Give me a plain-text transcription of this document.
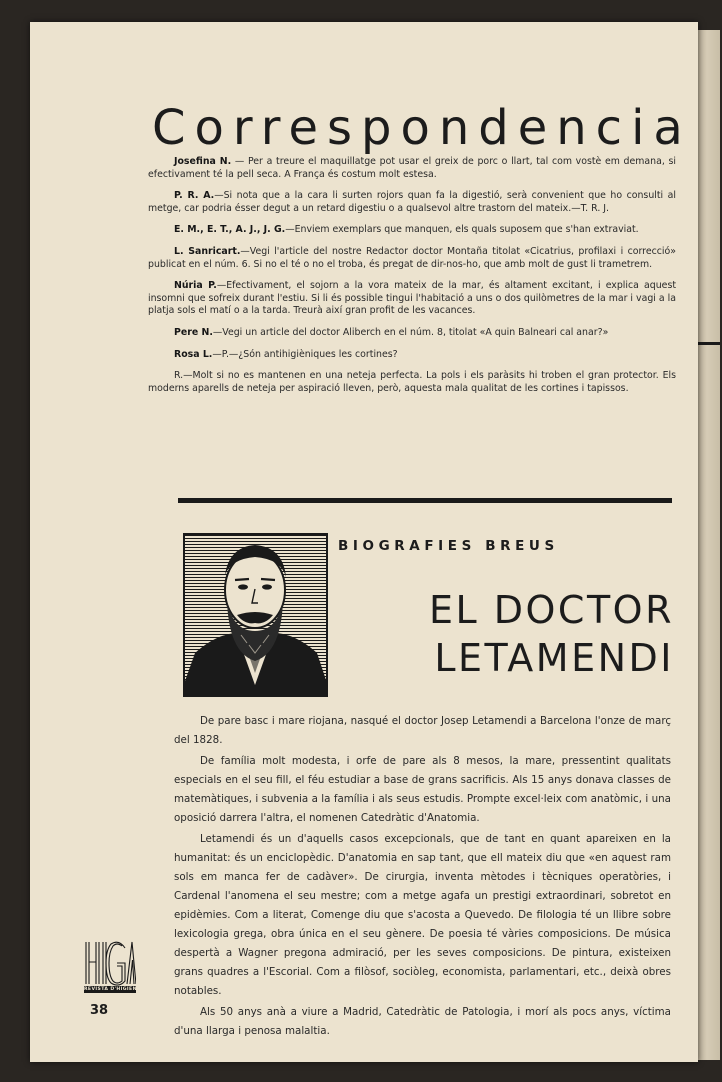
Correspondencia

Josefina N. — Per a treure el maquillatge pot usar el greix de porc o llart, tal com vostè em demana, si efectivament té la pell seca. A França és costum molt estesa.

P. R. A.—Si nota que a la cara li surten rojors quan fa la digestió, serà convenient que ho consulti al metge, car podria ésser degut a un retard digestiu o a qualsevol altre trastorn del mateix.—T. R. J.

E. M., E. T., A. J., J. G.—Enviem exemplars que manquen, els quals suposem que s'han extraviat.

L. Sanricart.—Vegi l'article del nostre Redactor doctor Montaña titolat «Cicatrius, profilaxi i correcció» publicat en el núm. 6. Si no el té o no el troba, és pregat de dir-nos-ho, que amb molt de gust li trametrem.

Núria P.—Efectivament, el sojorn a la vora mateix de la mar, és altament excitant, i explica aquest insomni que sofreix durant l'estiu. Si li és possible tingui l'habitació a uns o dos quilòmetres de la mar i vagi a la platja sols el matí o a la tarda. Treurà així gran profit de les vacances.

Pere N.—Vegi un article del doctor Aliberch en el núm. 8, titolat «A quin Balneari cal anar?»

Rosa L.—P.—¿Són antihigièniques les cortines?

R.—Molt si no es mantenen en una neteja perfecta. La pols i els paràsits hi troben el gran protector. Els moderns aparells de neteja per aspiració lleven, però, aquesta mala qualitat de les cortines i tapissos.

BIOGRAFIES BREUS
EL DOCTOR
LETAMENDI

De pare basc i mare riojana, nasqué el doctor Josep Letamendi a Barcelona l'onze de març del 1828.

De família molt modesta, i orfe de pare als 8 mesos, la mare, pressentint qualitats especials en el seu fill, el féu estudiar a base de grans sacrificis. Als 15 anys donava classes de matemàtiques, i subvenia a la família i als seus estudis. Prompte excel·leix com anatòmic, i una oposició darrera l'altra, el nomenen Catedràtic d'Anatomia.

Letamendi és un d'aquells casos excepcionals, que de tant en quant apareixen en la humanitat: és un enciclopèdic. D'anatomia en sap tant, que ell mateix diu que «en aquest ram sols em manca fer de cadàver». De cirurgia, inventa mètodes i tècniques operatòries, i Cardenal l'anomena el seu mestre; com a metge agafa un prestigi extraordinari, sobretot en epidèmies. Com a literat, Comenge diu que s'acosta a Quevedo. De filologia té un llibre sobre lexicologia grega, obra única en el seu gènere. De poesia té vàries composicions. De música despertà a Wagner pregona admiració, per les seves composicions. De pintura, existeixen grans quadres a l'Escorial. Com a filòsof, sociòleg, economista, parlamentari, etc., deixà obres notables.

Als 50 anys anà a viure a Madrid, Catedràtic de Patologia, i morí als pocs anys, víctima d'una llarga i penosa malaltia.

REVISTA D'HIGIENE
38
